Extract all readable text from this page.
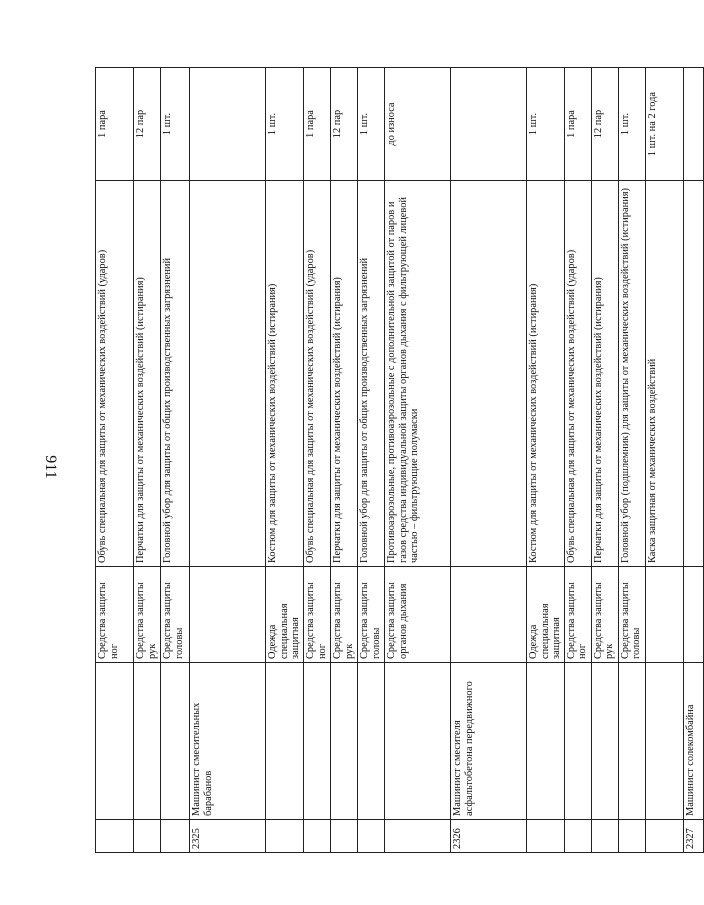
911
		Средства защиты ног	Обувь специальная для защиты от механических воздействий (ударов)	1 пара
		Средства защиты рук	Перчатки для защиты от механических воздействий (истирания)	12 пар
		Средства защиты головы	Головной убор для защиты от общих производственных загрязнений	1 шт.
2325	Машинист смесительных барабанов			
		Одежда специальная защитная	Костюм для защиты от механических воздействий (истирания)	1 шт.
		Средства защиты ног	Обувь специальная для защиты от механических воздействий (ударов)	1 пара
		Средства защиты рук	Перчатки для защиты от механических воздействий (истирания)	12 пар
		Средства защиты головы	Головной убор для защиты от общих производственных загрязнений	1 шт.
		Средства защиты органов дыхания	Противоаэрозольные, противоаэрозольные с дополнительной защитой от паров и газов средства индивидуальной защиты органов дыхания с фильтрующей лицевой частью – фильтрующие полумаски	до износа
2326	Машинист смесителя асфальтобетона передвижного			
		Одежда специальная защитная	Костюм для защиты от механических воздействий (истирания)	1 шт.
		Средства защиты ног	Обувь специальная для защиты от механических воздействий (ударов)	1 пара
		Средства защиты рук	Перчатки для защиты от механических воздействий (истирания)	12 пар
		Средства защиты головы	Головной убор (подшлемник) для защиты от механических воздействий (истирания)	1 шт.
			Каска защитная от механических воздействий	1 шт. на 2 года
2327	Машинист солекомбайна			
